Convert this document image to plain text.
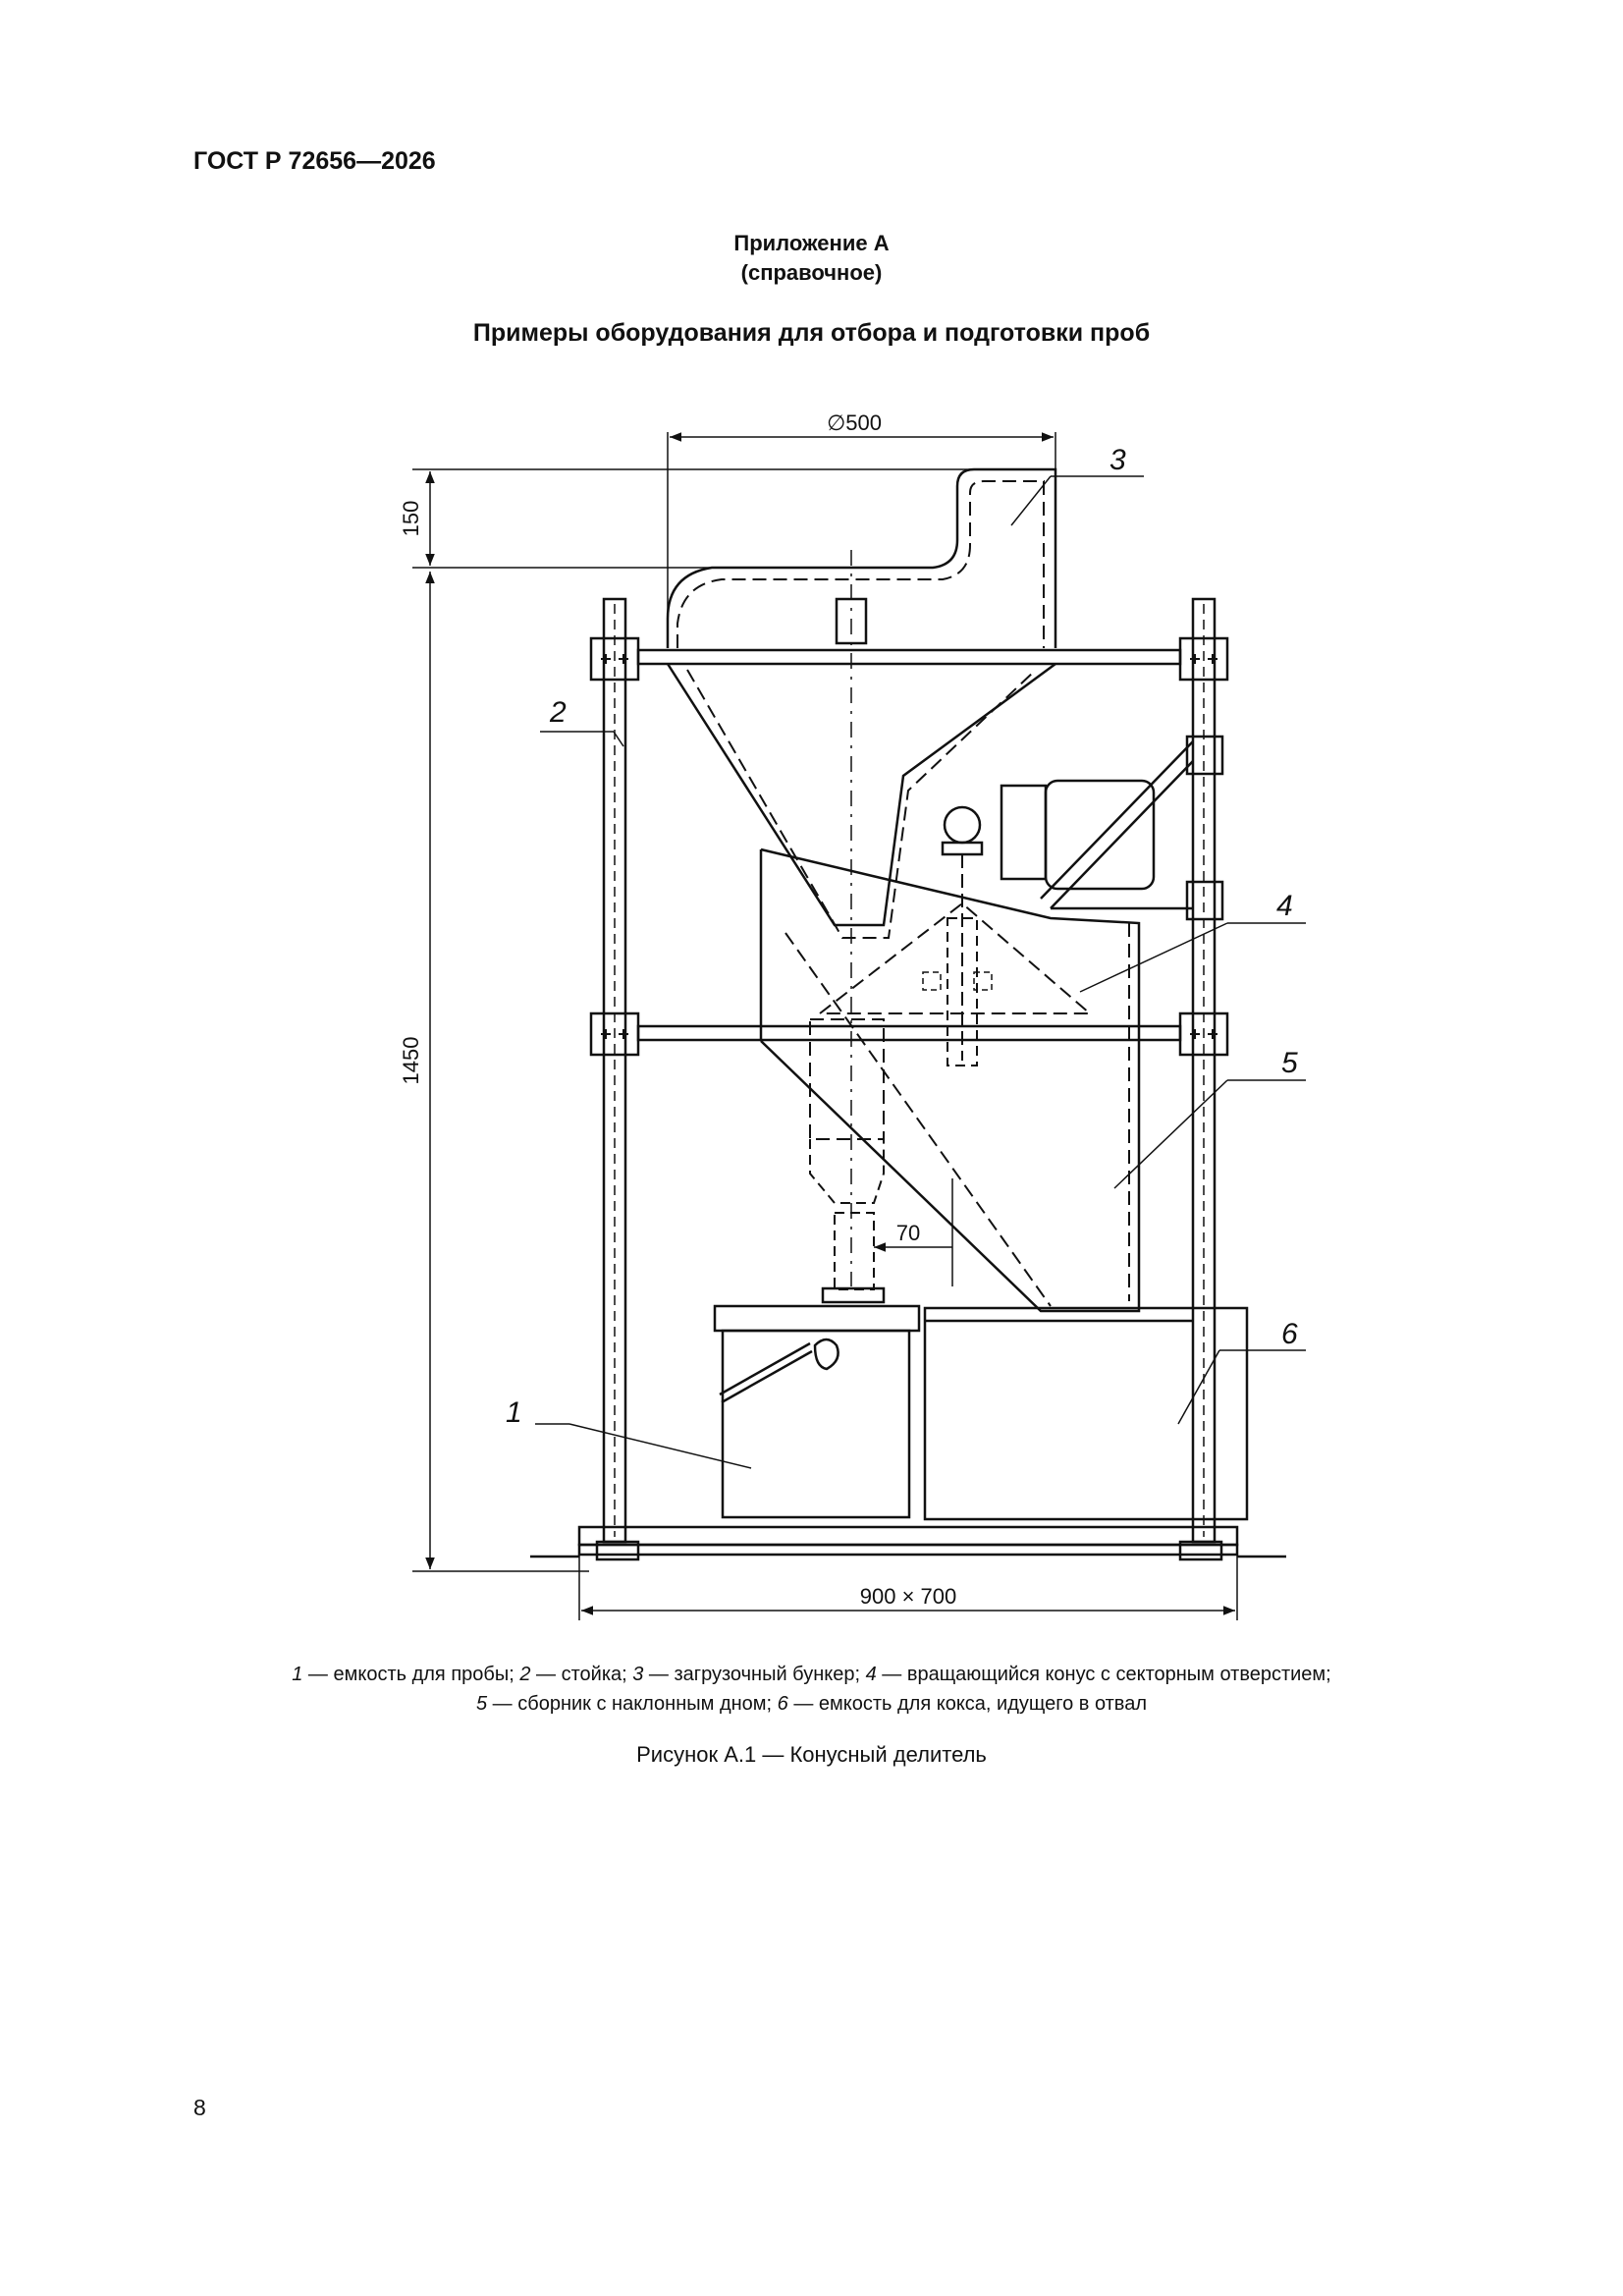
ГОСТ Р 72656—2026
Приложение А
(справочное)
Примеры оборудования для отбора и подготовки проб
∅500
150
1450
70
900 × 700
1
2
3
4
5
6
1 — емкость для пробы; 2 — стойка; 3 — загрузочный бункер; 4 — вращающийся конус с секторным отверстием;
5 — сборник с наклонным дном; 6 — емкость для кокса, идущего в отвал
Рисунок А.1 — Конусный делитель
8
